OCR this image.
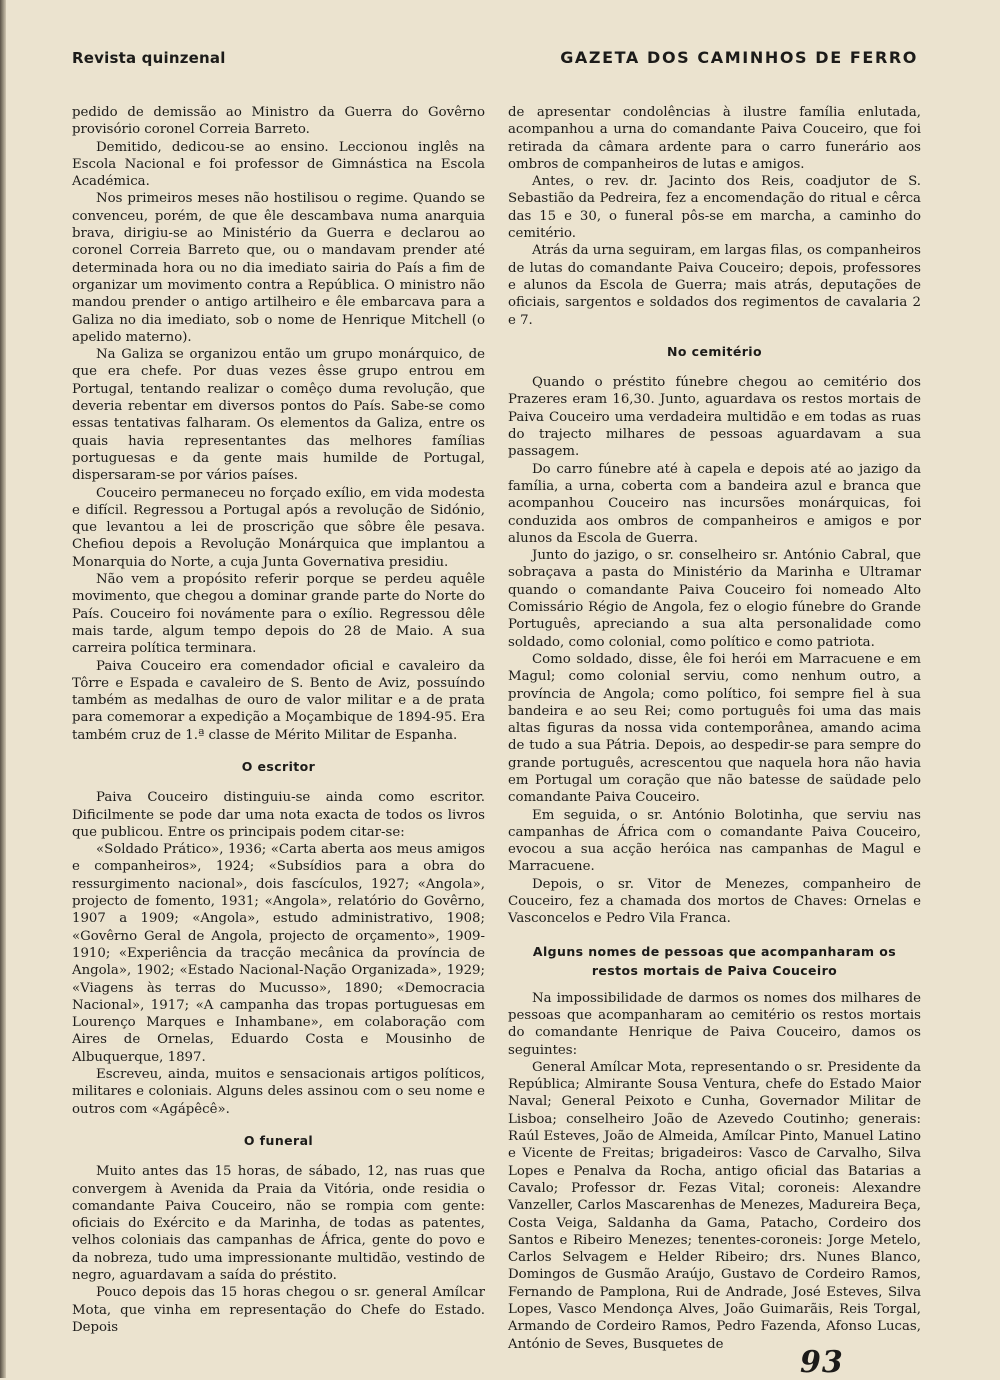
Revista quinzenal	GAZETA DOS CAMINHOS DE FERRO

pedido de demissão ao Ministro da Guerra do Govêrno provisório coronel Correia Barreto.

Demitido, dedicou-se ao ensino. Leccionou inglês na Escola Nacional e foi professor de Gimnástica na Escola Académica.

Nos primeiros meses não hostilisou o regime. Quando se convenceu, porém, de que êle descambava numa anarquia brava, dirigiu-se ao Ministério da Guerra e declarou ao coronel Correia Barreto que, ou o mandavam prender até determinada hora ou no dia imediato sairia do País a fim de organizar um movimento contra a República. O ministro não mandou prender o antigo artilheiro e êle embarcava para a Galiza no dia imediato, sob o nome de Henrique Mitchell (o apelido materno).

Na Galiza se organizou então um grupo monárquico, de que era chefe. Por duas vezes êsse grupo entrou em Portugal, tentando realizar o comêço duma revolução, que deveria rebentar em diversos pontos do País. Sabe-se como essas tentativas falharam. Os elementos da Galiza, entre os quais havia representantes das melhores famílias portuguesas e da gente mais humilde de Portugal, dispersaram-se por vários países.

Couceiro permaneceu no forçado exílio, em vida modesta e difícil. Regressou a Portugal após a revolução de Sidónio, que levantou a lei de proscrição que sôbre êle pesava. Chefiou depois a Revolução Monárquica que implantou a Monarquia do Norte, a cuja Junta Governativa presidiu.

Não vem a propósito referir porque se perdeu aquêle movimento, que chegou a dominar grande parte do Norte do País. Couceiro foi novámente para o exílio. Regressou dêle mais tarde, algum tempo depois do 28 de Maio. A sua carreira política terminara.

Paiva Couceiro era comendador oficial e cavaleiro da Tôrre e Espada e cavaleiro de S. Bento de Aviz, possuíndo também as medalhas de ouro de valor militar e a de prata para comemorar a expedição a Moçambique de 1894-95. Era também cruz de 1.ª classe de Mérito Militar de Espanha.

O escritor

Paiva Couceiro distinguiu-se ainda como escritor. Dificilmente se pode dar uma nota exacta de todos os livros que publicou. Entre os principais podem citar-se:

«Soldado Prático», 1936; «Carta aberta aos meus amigos e companheiros», 1924; «Subsídios para a obra do ressurgimento nacional», dois fascículos, 1927; «Angola», projecto de fomento, 1931; «Angola», relatório do Govêrno, 1907 a 1909; «Angola», estudo administrativo, 1908; «Govêrno Geral de Angola, projecto de orçamento», 1909-1910; «Experiência da tracção mecânica da província de Angola», 1902; «Estado Nacional-Nação Organizada», 1929; «Viagens às terras do Mucusso», 1890; «Democracia Nacional», 1917; «A campanha das tropas portuguesas em Lourenço Marques e Inhambane», em colaboração com Aires de Ornelas, Eduardo Costa e Mousinho de Albuquerque, 1897.

Escreveu, ainda, muitos e sensacionais artigos políticos, militares e coloniais. Alguns deles assinou com o seu nome e outros com «Agápêcê».

O funeral

Muito antes das 15 horas, de sábado, 12, nas ruas que convergem à Avenida da Praia da Vitória, onde residia o comandante Paiva Couceiro, não se rompia com gente: oficiais do Exército e da Marinha, de todas as patentes, velhos coloniais das campanhas de África, gente do povo e da nobreza, tudo uma impressionante multidão, vestindo de negro, aguardavam a saída do préstito.

Pouco depois das 15 horas chegou o sr. general Amílcar Mota, que vinha em representação do Chefe do Estado. Depois

de apresentar condolências à ilustre família enlutada, acompanhou a urna do comandante Paiva Couceiro, que foi retirada da câmara ardente para o carro funerário aos ombros de companheiros de lutas e amigos.

Antes, o rev. dr. Jacinto dos Reis, coadjutor de S. Sebastião da Pedreira, fez a encomendação do ritual e cêrca das 15 e 30, o funeral pôs-se em marcha, a caminho do cemitério.

Atrás da urna seguiram, em largas filas, os companheiros de lutas do comandante Paiva Couceiro; depois, professores e alunos da Escola de Guerra; mais atrás, deputações de oficiais, sargentos e soldados dos regimentos de cavalaria 2 e 7.

No cemitério

Quando o préstito fúnebre chegou ao cemitério dos Prazeres eram 16,30. Junto, aguardava os restos mortais de Paiva Couceiro uma verdadeira multidão e em todas as ruas do trajecto milhares de pessoas aguardavam a sua passagem.

Do carro fúnebre até à capela e depois até ao jazigo da família, a urna, coberta com a bandeira azul e branca que acompanhou Couceiro nas incursões monárquicas, foi conduzida aos ombros de companheiros e amigos e por alunos da Escola de Guerra.

Junto do jazigo, o sr. conselheiro sr. António Cabral, que sobraçava a pasta do Ministério da Marinha e Ultramar quando o comandante Paiva Couceiro foi nomeado Alto Comissário Régio de Angola, fez o elogio fúnebre do Grande Português, apreciando a sua alta personalidade como soldado, como colonial, como político e como patriota.

Como soldado, disse, êle foi herói em Marracuene e em Magul; como colonial serviu, como nenhum outro, a província de Angola; como político, foi sempre fiel à sua bandeira e ao seu Rei; como português foi uma das mais altas figuras da nossa vida contemporânea, amando acima de tudo a sua Pátria. Depois, ao despedir-se para sempre do grande português, acrescentou que naquela hora não havia em Portugal um coração que não batesse de saüdade pelo comandante Paiva Couceiro.

Em seguida, o sr. António Bolotinha, que serviu nas campanhas de África com o comandante Paiva Couceiro, evocou a sua acção heróica nas campanhas de Magul e Marracuene.

Depois, o sr. Vitor de Menezes, companheiro de Couceiro, fez a chamada dos mortos de Chaves: Ornelas e Vasconcelos e Pedro Vila Franca.

Alguns nomes de pessoas que acompanharam os restos mortais de Paiva Couceiro

Na impossibilidade de darmos os nomes dos milhares de pessoas que acompanharam ao cemitério os restos mortais do comandante Henrique de Paiva Couceiro, damos os seguintes:

General Amílcar Mota, representando o sr. Presidente da República; Almirante Sousa Ventura, chefe do Estado Maior Naval; General Peixoto e Cunha, Governador Militar de Lisboa; conselheiro João de Azevedo Coutinho; generais: Raúl Esteves, João de Almeida, Amílcar Pinto, Manuel Latino e Vicente de Freitas; brigadeiros: Vasco de Carvalho, Silva Lopes e Penalva da Rocha, antigo oficial das Batarias a Cavalo; Professor dr. Fezas Vital; coroneis: Alexandre Vanzeller, Carlos Mascarenhas de Menezes, Madureira Beça, Costa Veiga, Saldanha da Gama, Patacho, Cordeiro dos Santos e Ribeiro Menezes; tenentes-coroneis: Jorge Metelo, Carlos Selvagem e Helder Ribeiro; drs. Nunes Blanco, Domingos de Gusmão Araújo, Gustavo de Cordeiro Ramos, Fernando de Pamplona, Rui de Andrade, José Esteves, Silva Lopes, Vasco Mendonça Alves, João Guimarãis, Reis Torgal, Armando de Cordeiro Ramos, Pedro Fazenda, Afonso Lucas, António de Seves, Busquetes de

93
